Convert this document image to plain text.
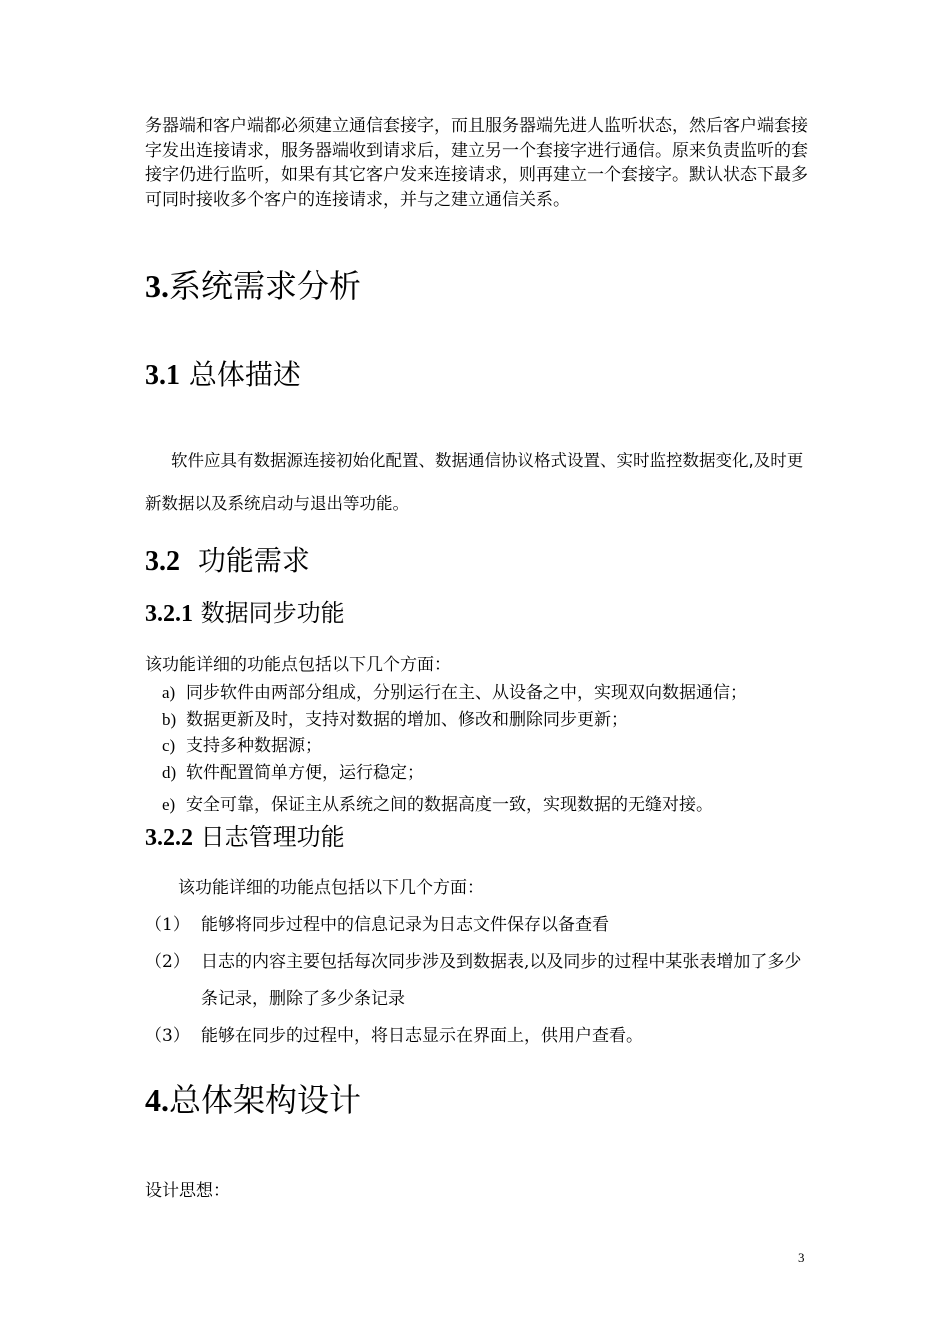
务器端和客户端都必须建立通信套接字，而且服务器端先进人监听状态，然后客户端套接字发出连接请求，服务器端收到请求后，建立另一个套接字进行通信。原来负责监听的套接字仍进行监听，如果有其它客户发来连接请求，则再建立一个套接字。默认状态下最多可同时接收多个客户的连接请求，并与之建立通信关系。

3.系统需求分析
3.1 总体描述

软件应具有数据源连接初始化配置、数据通信协议格式设置、实时监控数据变化,及时更新数据以及系统启动与退出等功能。

3.2 功能需求
3.2.1 数据同步功能

该功能详细的功能点包括以下几个方面：

a) 同步软件由两部分组成，分别运行在主、从设备之中，实现双向数据通信；
b) 数据更新及时，支持对数据的增加、修改和删除同步更新；
c) 支持多种数据源；
d) 软件配置简单方便，运行稳定；
e) 安全可靠，保证主从系统之间的数据高度一致，实现数据的无缝对接。
3.2.2 日志管理功能

该功能详细的功能点包括以下几个方面：

（1） 能够将同步过程中的信息记录为日志文件保存以备查看
（2） 日志的内容主要包括每次同步涉及到数据表,以及同步的过程中某张表增加了多少条记录，删除了多少条记录
（3） 能够在同步的过程中，将日志显示在界面上，供用户查看。
4.总体架构设计

设计思想：

3
